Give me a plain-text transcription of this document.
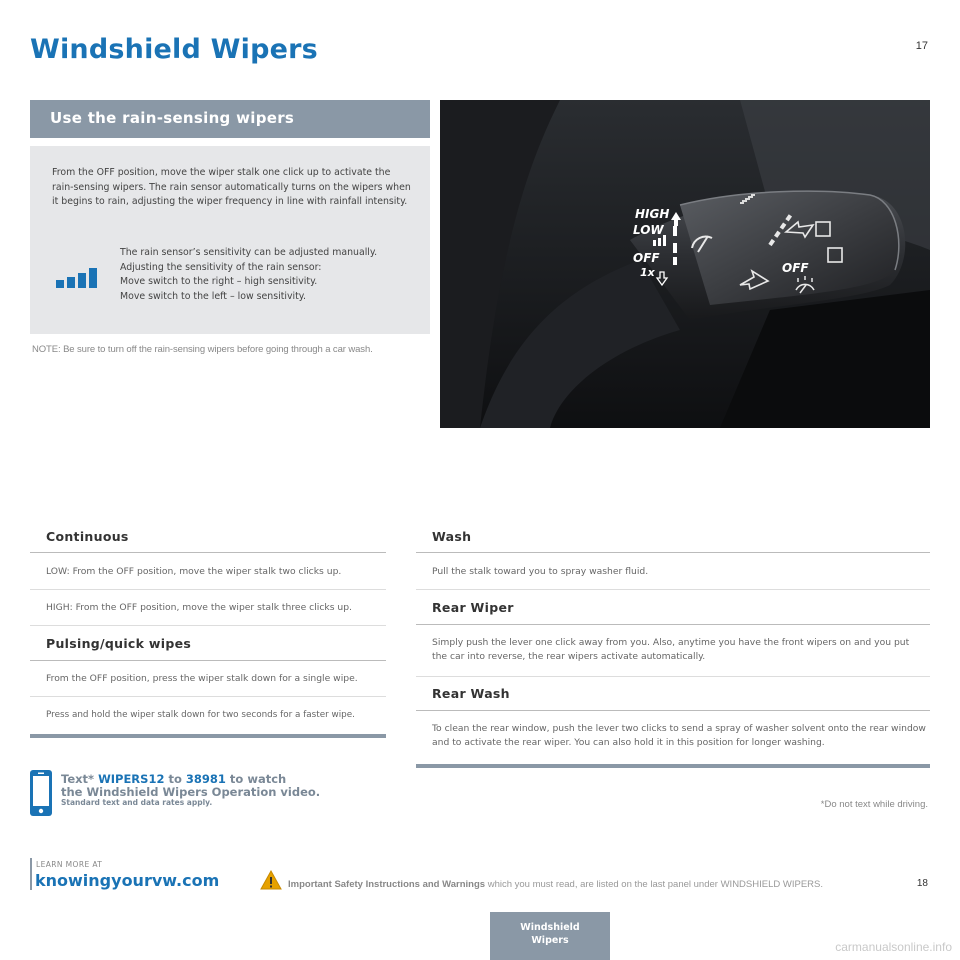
Windshield Wipers	17
Use the rain-sensing wipers
From the OFF position, move the wiper stalk one click up to activate the rain-sensing wipers. The rain sensor automatically turns on the wipers when it begins to rain, adjusting the wiper frequency in line with rainfall intensity.
The rain sensor’s sensitivity can be adjusted manually.
Adjusting the sensitivity of the rain sensor:
Move switch to the right – high sensitivity.
Move switch to the left – low sensitivity.
NOTE: Be sure to turn off the rain-sensing wipers before going through a car wash.
HIGH
LOW
OFF
1x	OFF
Continuous
LOW: From the OFF position, move the wiper stalk two clicks up.
HIGH: From the OFF position, move the wiper stalk three clicks up.
Pulsing/quick wipes
From the OFF position, press the wiper stalk down for a single wipe.
Press and hold the wiper stalk down for two seconds for a faster wipe.
Wash
Pull the stalk toward you to spray washer fluid.
Rear Wiper
Simply push the lever one click away from you. Also, anytime you have the front wipers on and you put the car into reverse, the rear wipers activate automatically.
Rear Wash
To clean the rear window, push the lever two clicks to send a spray of washer solvent onto the rear window and to activate the rear wiper. You can also hold it in this position for longer washing.
Text* WIPERS12 to 38981 to watch
the Windshield Wipers Operation video.
Standard text and data rates apply.	*Do not text while driving.
LEARN MORE AT
knowingyourvw.com	Important Safety Instructions and Warnings which you must read, are listed on the last panel under WINDSHIELD WIPERS.	18
Windshield
Wipers	carmanualsonline.info
